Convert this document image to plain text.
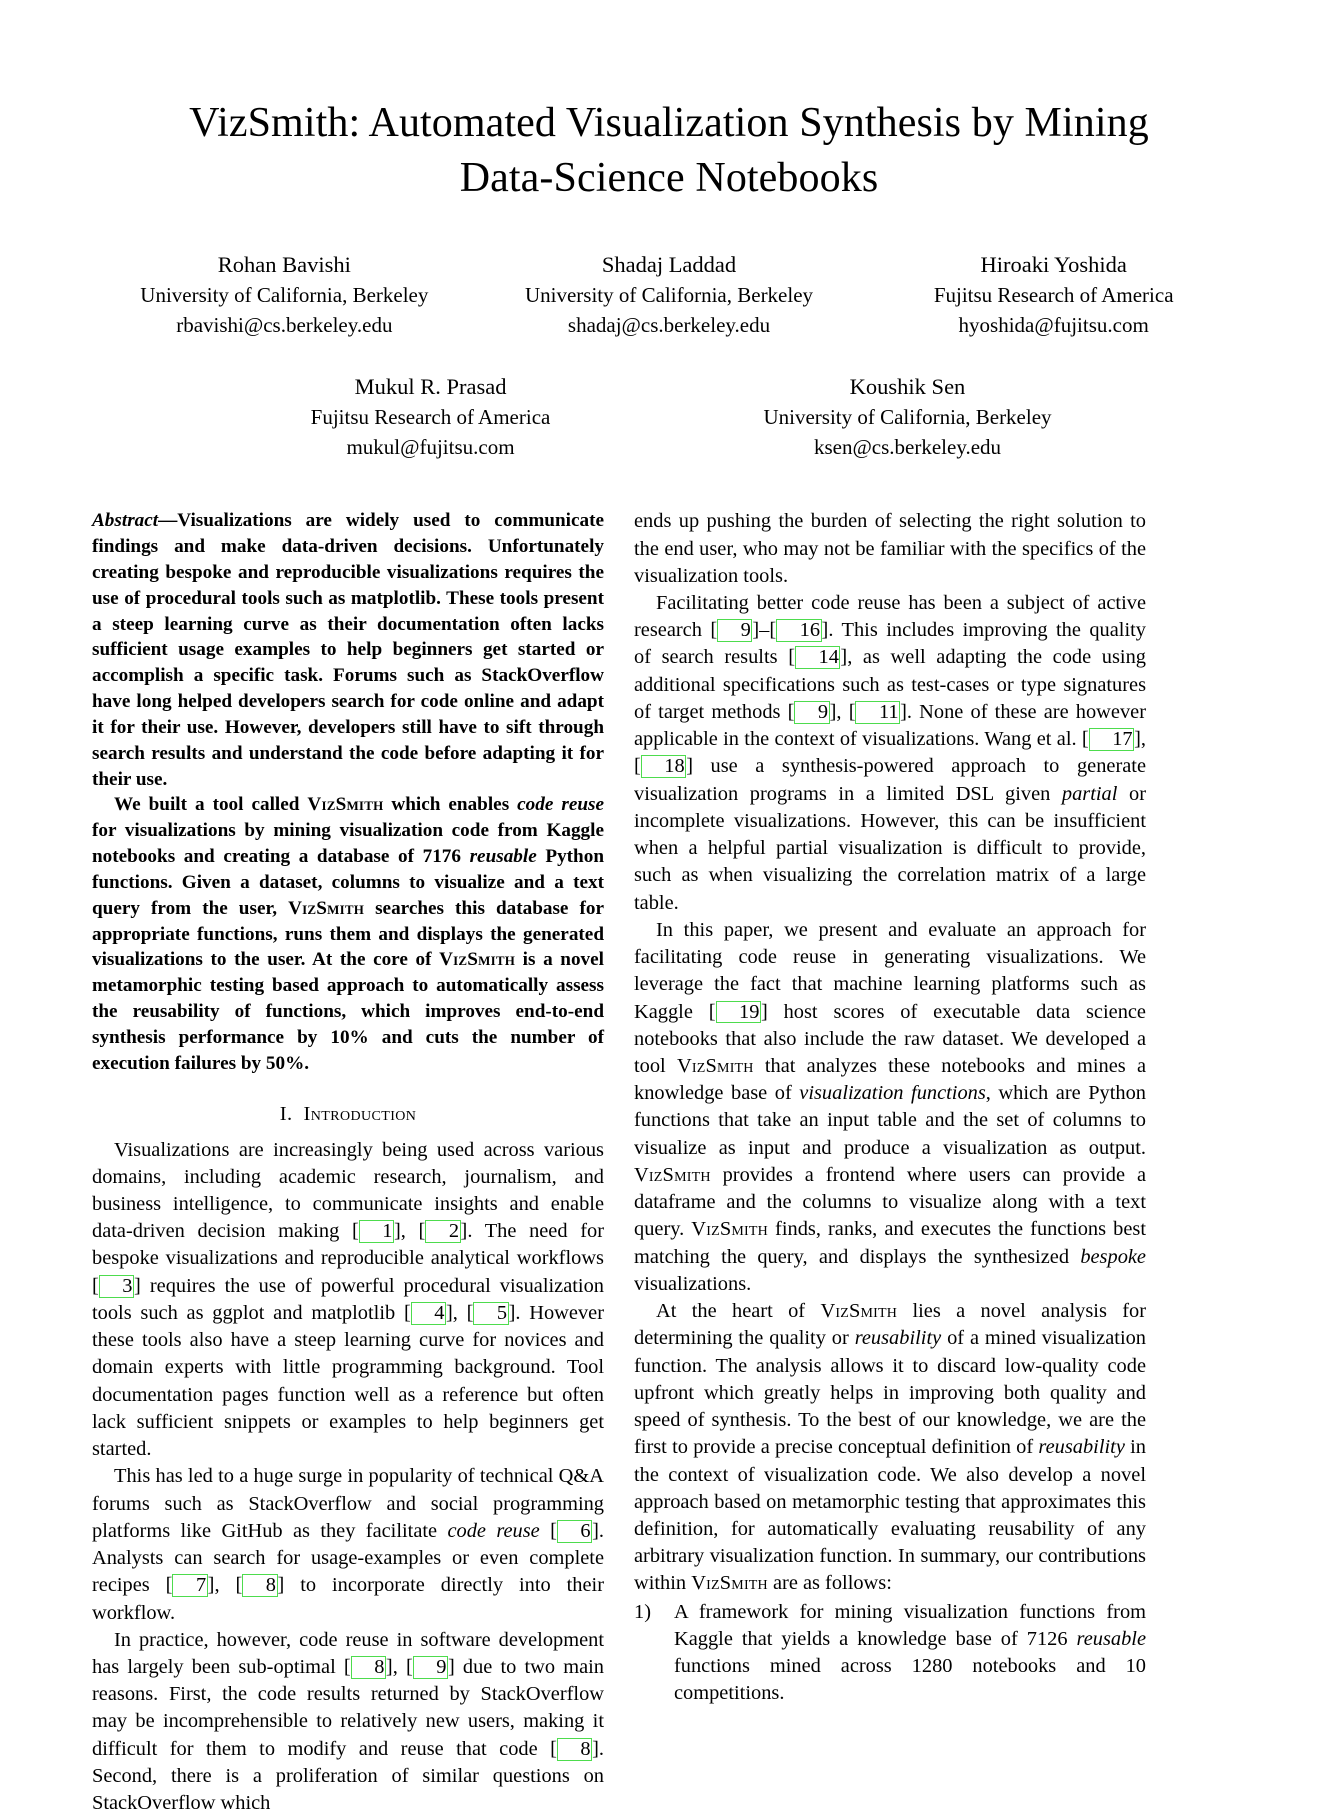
VizSmith: Automated Visualization Synthesis by Mining Data-Science Notebooks
Rohan Bavishi
University of California, Berkeley
rbavishi@cs.berkeley.edu
Shadaj Laddad
University of California, Berkeley
shadaj@cs.berkeley.edu
Hiroaki Yoshida
Fujitsu Research of America
hyoshida@fujitsu.com
Mukul R. Prasad
Fujitsu Research of America
mukul@fujitsu.com
Koushik Sen
University of California, Berkeley
ksen@cs.berkeley.edu

Abstract—Visualizations are widely used to communicate findings and make data-driven decisions. Unfortunately creating bespoke and reproducible visualizations requires the use of procedural tools such as matplotlib. These tools present a steep learning curve as their documentation often lacks sufficient usage examples to help beginners get started or accomplish a specific task. Forums such as StackOverflow have long helped developers search for code online and adapt it for their use. However, developers still have to sift through search results and understand the code before adapting it for their use.

We built a tool called VizSmith which enables code reuse for visualizations by mining visualization code from Kaggle notebooks and creating a database of 7176 reusable Python functions. Given a dataset, columns to visualize and a text query from the user, VizSmith searches this database for appropriate functions, runs them and displays the generated visualizations to the user. At the core of VizSmith is a novel metamorphic testing based approach to automatically assess the reusability of functions, which improves end-to-end synthesis performance by 10% and cuts the number of execution failures by 50%.

I. Introduction

Visualizations are increasingly being used across various domains, including academic research, journalism, and business intelligence, to communicate insights and enable data-driven decision making [ 1], [ 2]. The need for bespoke visualizations and reproducible analytical workflows [ 3] requires the use of powerful procedural visualization tools such as ggplot and matplotlib [ 4], [ 5]. However these tools also have a steep learning curve for novices and domain experts with little programming background. Tool documentation pages function well as a reference but often lack sufficient snippets or examples to help beginners get started.

This has led to a huge surge in popularity of technical Q&A forums such as StackOverflow and social programming platforms like GitHub as they facilitate code reuse [ 6]. Analysts can search for usage-examples or even complete recipes [ 7], [ 8] to incorporate directly into their workflow.

In practice, however, code reuse in software development has largely been sub-optimal [ 8], [ 9] due to two main reasons. First, the code results returned by StackOverflow may be incomprehensible to relatively new users, making it difficult for them to modify and reuse that code [ 8]. Second, there is a proliferation of similar questions on StackOverflow which

ends up pushing the burden of selecting the right solution to the end user, who may not be familiar with the specifics of the visualization tools.

Facilitating better code reuse has been a subject of active research [ 9]–[ 16]. This includes improving the quality of search results [ 14], as well adapting the code using additional specifications such as test-cases or type signatures of target methods [ 9], [ 11]. None of these are however applicable in the context of visualizations. Wang et al. [ 17], [ 18] use a synthesis-powered approach to generate visualization programs in a limited DSL given partial or incomplete visualizations. However, this can be insufficient when a helpful partial visualization is difficult to provide, such as when visualizing the correlation matrix of a large table.

In this paper, we present and evaluate an approach for facilitating code reuse in generating visualizations. We leverage the fact that machine learning platforms such as Kaggle [ 19] host scores of executable data science notebooks that also include the raw dataset. We developed a tool VizSmith that analyzes these notebooks and mines a knowledge base of visualization functions, which are Python functions that take an input table and the set of columns to visualize as input and produce a visualization as output. VizSmith provides a frontend where users can provide a dataframe and the columns to visualize along with a text query. VizSmith finds, ranks, and executes the functions best matching the query, and displays the synthesized bespoke visualizations.

At the heart of VizSmith lies a novel analysis for determining the quality or reusability of a mined visualization function. The analysis allows it to discard low-quality code upfront which greatly helps in improving both quality and speed of synthesis. To the best of our knowledge, we are the first to provide a precise conceptual definition of reusability in the context of visualization code. We also develop a novel approach based on metamorphic testing that approximates this definition, for automatically evaluating reusability of any arbitrary visualization function. In summary, our contributions within VizSmith are as follows:

1)	A framework for mining visualization functions from Kaggle that yields a knowledge base of 7126 reusable functions mined across 1280 notebooks and 10 competitions.
